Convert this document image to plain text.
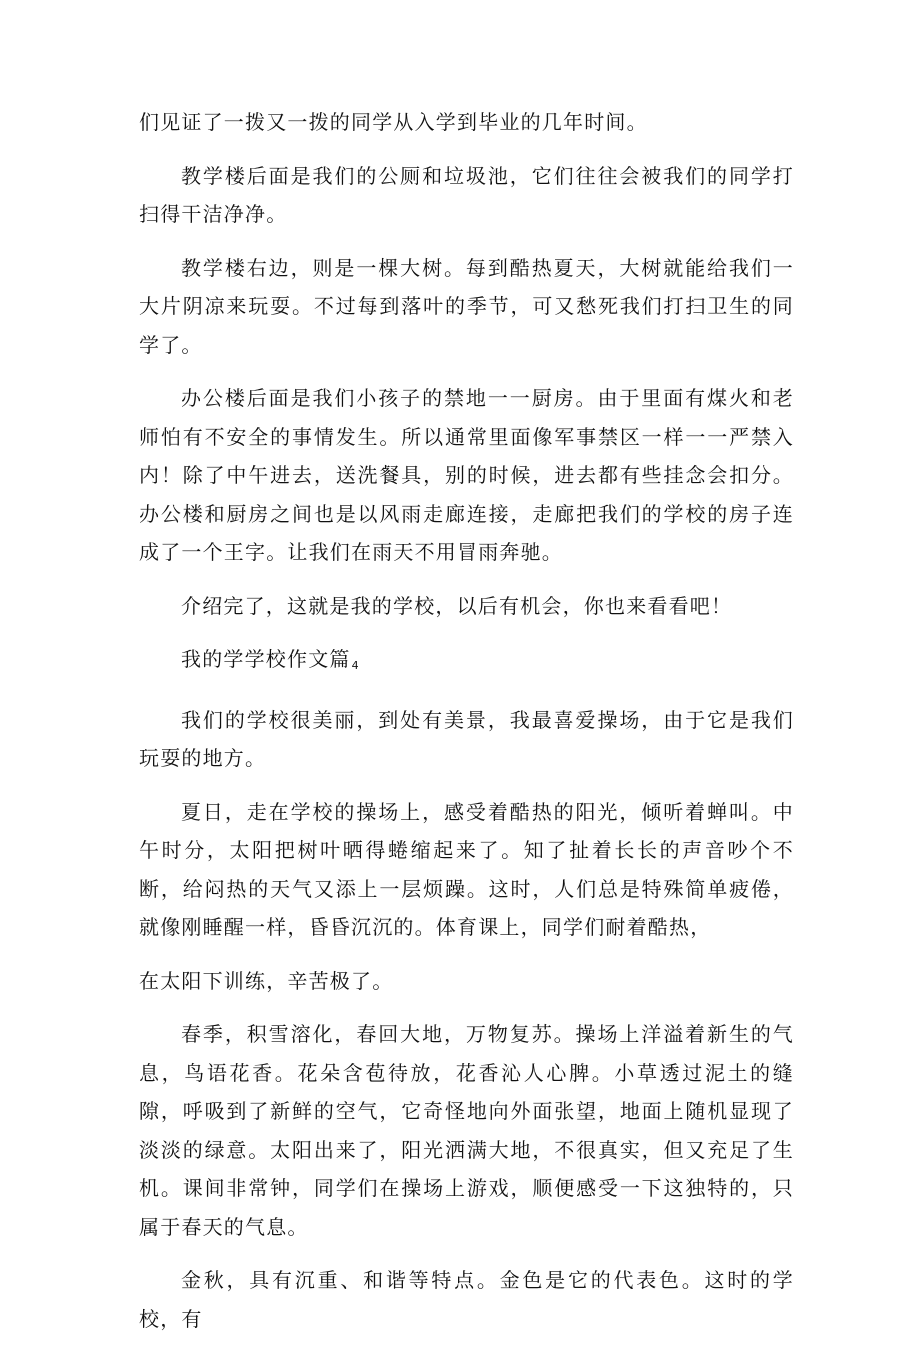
们见证了一拨又一拨的同学从入学到毕业的几年时间。

教学楼后面是我们的公厕和垃圾池，它们往往会被我们的同学打扫得干洁净净。

教学楼右边，则是一棵大树。每到酷热夏天，大树就能给我们一大片阴凉来玩耍。不过每到落叶的季节，可又愁死我们打扫卫生的同学了。

办公楼后面是我们小孩子的禁地一一厨房。由于里面有煤火和老师怕有不安全的事情发生。所以通常里面像军事禁区一样一一严禁入内！除了中午进去，送洗餐具，别的时候，进去都有些挂念会扣分。办公楼和厨房之间也是以风雨走廊连接，走廊把我们的学校的房子连成了一个王字。让我们在雨天不用冒雨奔驰。

介绍完了，这就是我的学校，以后有机会，你也来看看吧！

我的学学校作文篇$_4$

我们的学校很美丽，到处有美景，我最喜爱操场，由于它是我们玩耍的地方。

夏日，走在学校的操场上，感受着酷热的阳光，倾听着蝉叫。中午时分，太阳把树叶晒得蜷缩起来了。知了扯着长长的声音吵个不断，给闷热的天气又添上一层烦躁。这时，人们总是特殊简单疲倦，就像刚睡醒一样，昏昏沉沉的。体育课上，同学们耐着酷热，

在太阳下训练，辛苦极了。

春季，积雪溶化，春回大地，万物复苏。操场上洋溢着新生的气息，鸟语花香。花朵含苞待放，花香沁人心脾。小草透过泥土的缝隙，呼吸到了新鲜的空气，它奇怪地向外面张望，地面上随机显现了淡淡的绿意。太阳出来了，阳光洒满大地，不很真实，但又充足了生机。课间非常钟，同学们在操场上游戏，顺便感受一下这独特的，只属于春天的气息。

金秋，具有沉重、和谐等特点。金色是它的代表色。这时的学校，有
